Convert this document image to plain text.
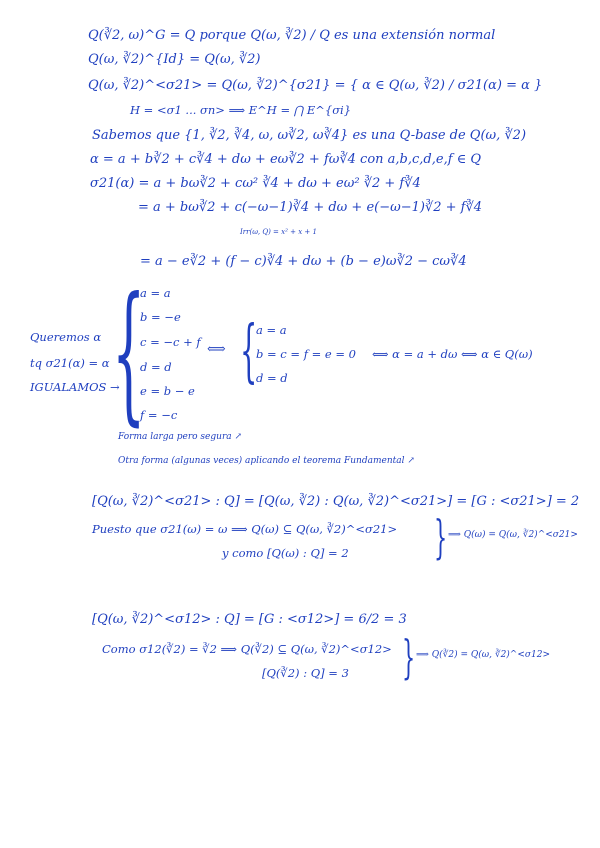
Q(∛2, ω)^G = Q porque Q(ω, ∛2) / Q es una extensión normal
Q(ω, ∛2)^{Id} = Q(ω, ∛2)
Q(ω, ∛2)^<σ21> = Q(ω, ∛2)^{σ21} = { α ∈ Q(ω, ∛2) / σ21(α) = α }
H = <σ1 ... σn> ⟹ E^H = ⋂ E^{σi}
Sabemos que {1, ∛2, ∛4, ω, ω∛2, ω∛4} es una Q-base de Q(ω, ∛2)
α = a + b∛2 + c∛4 + dω + eω∛2 + fω∛4 con a,b,c,d,e,f ∈ Q
σ21(α) = a + bω∛2 + cω² ∛4 + dω + eω² ∛2 + f∛4
= a + bω∛2 + c(−ω−1)∛4 + dω + e(−ω−1)∛2 + f∛4
Irr(ω, Q) = x² + x + 1
= a − e∛2 + (f − c)∛4 + dω + (b − e)ω∛2 − cω∛4
Queremos α
tq σ21(α) = α
IGUALAMOS →
{
a = a
b = −e
c = −c + f
d = d
e = b − e
f = −c
⟺ {
a = a
b = c = f = e = 0
d = d
⟺ α = a + dω ⟺ α ∈ Q(ω)
Forma larga pero segura ↗
Otra forma (algunas veces) aplicando el teorema Fundamental ↗
[Q(ω, ∛2)^<σ21> : Q] = [Q(ω, ∛2) : Q(ω, ∛2)^<σ21>] = [G : <σ21>] = 2
Puesto que σ21(ω) = ω ⟹ Q(ω) ⊆ Q(ω, ∛2)^<σ21>
y como [Q(ω) : Q] = 2 } ⟹ Q(ω) = Q(ω, ∛2)^<σ21>
[Q(ω, ∛2)^<σ12> : Q] = [G : <σ12>] = 6/2 = 3
Como σ12(∛2) = ∛2 ⟹ Q(∛2) ⊆ Q(ω, ∛2)^<σ12>
[Q(∛2) : Q] = 3 } ⟹ Q(∛2) = Q(ω, ∛2)^<σ12>
